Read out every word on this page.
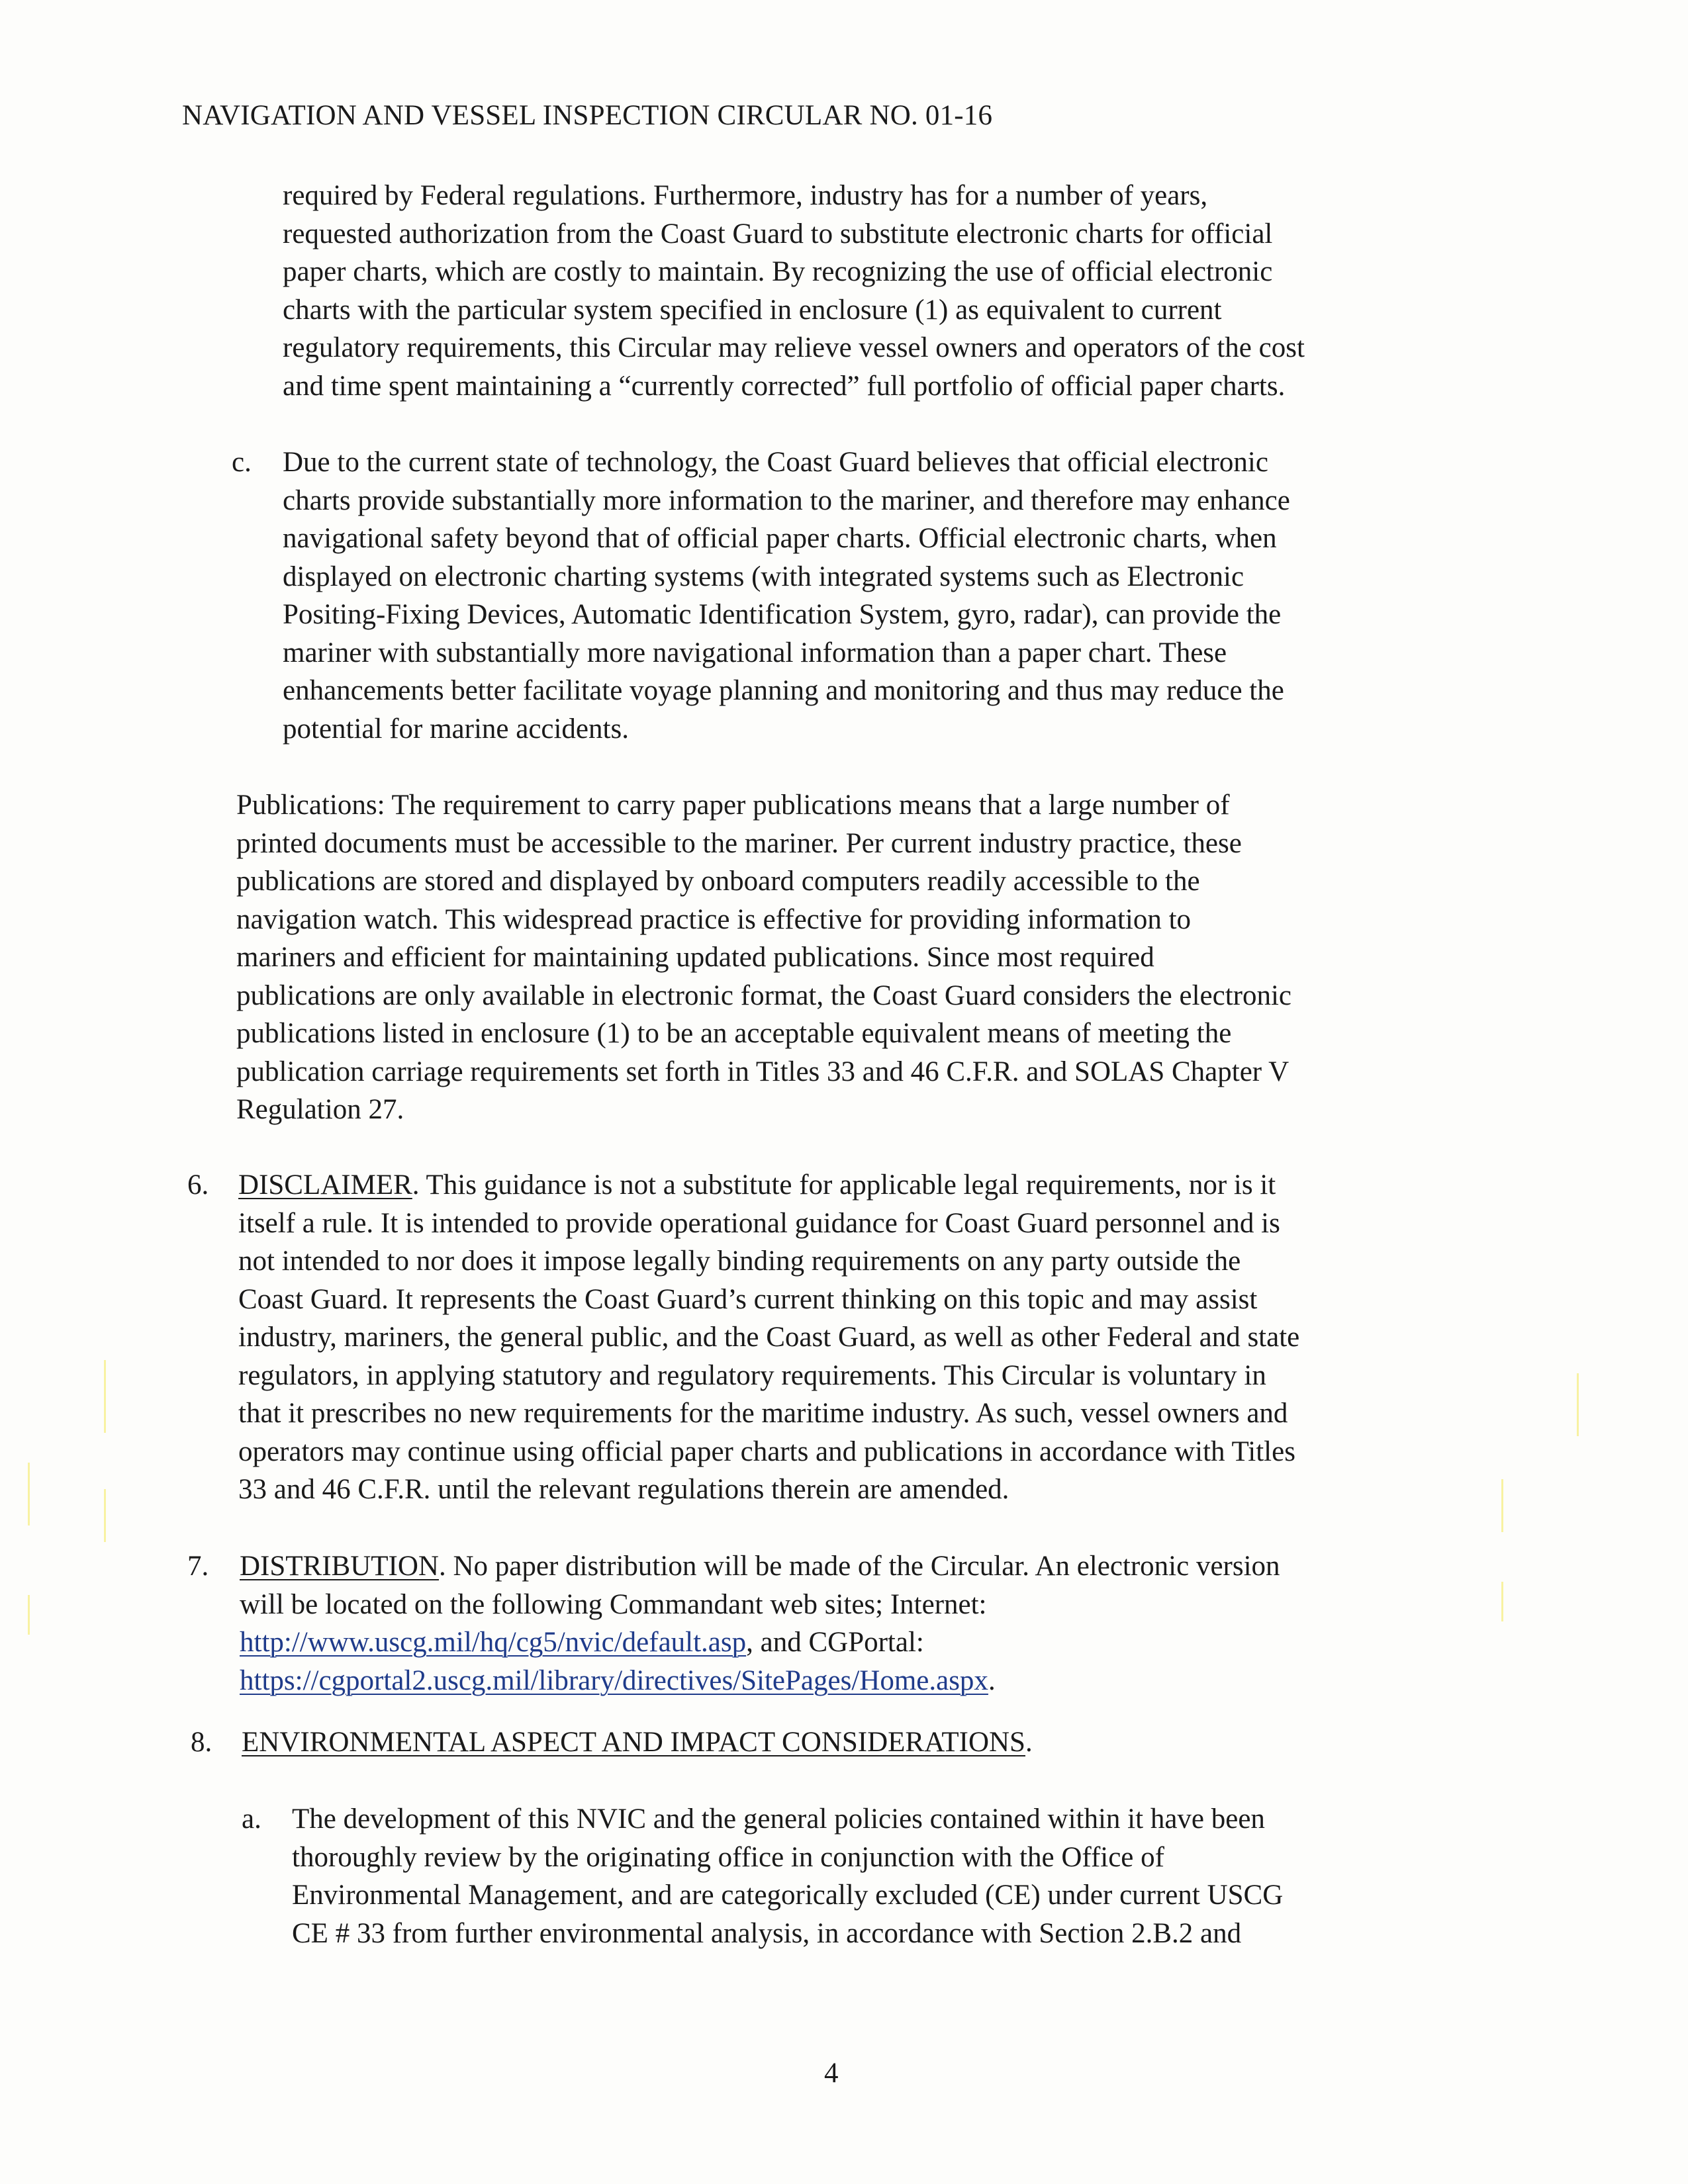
NAVIGATION AND VESSEL INSPECTION CIRCULAR NO. 01-16
required by Federal regulations. Furthermore, industry has for a number of years,
requested authorization from the Coast Guard to substitute electronic charts for official
paper charts, which are costly to maintain. By recognizing the use of official electronic
charts with the particular system specified in enclosure (1) as equivalent to current
regulatory requirements, this Circular may relieve vessel owners and operators of the cost
and time spent maintaining a “currently corrected” full portfolio of official paper charts.
c. Due to the current state of technology, the Coast Guard believes that official electronic
charts provide substantially more information to the mariner, and therefore may enhance
navigational safety beyond that of official paper charts. Official electronic charts, when
displayed on electronic charting systems (with integrated systems such as Electronic
Positing-Fixing Devices, Automatic Identification System, gyro, radar), can provide the
mariner with substantially more navigational information than a paper chart. These
enhancements better facilitate voyage planning and monitoring and thus may reduce the
potential for marine accidents.
Publications: The requirement to carry paper publications means that a large number of
printed documents must be accessible to the mariner. Per current industry practice, these
publications are stored and displayed by onboard computers readily accessible to the
navigation watch. This widespread practice is effective for providing information to
mariners and efficient for maintaining updated publications. Since most required
publications are only available in electronic format, the Coast Guard considers the electronic
publications listed in enclosure (1) to be an acceptable equivalent means of meeting the
publication carriage requirements set forth in Titles 33 and 46 C.F.R. and SOLAS Chapter V
Regulation 27.
6. DISCLAIMER. This guidance is not a substitute for applicable legal requirements, nor is it
itself a rule. It is intended to provide operational guidance for Coast Guard personnel and is
not intended to nor does it impose legally binding requirements on any party outside the
Coast Guard. It represents the Coast Guard’s current thinking on this topic and may assist
industry, mariners, the general public, and the Coast Guard, as well as other Federal and state
regulators, in applying statutory and regulatory requirements. This Circular is voluntary in
that it prescribes no new requirements for the maritime industry. As such, vessel owners and
operators may continue using official paper charts and publications in accordance with Titles
33 and 46 C.F.R. until the relevant regulations therein are amended.
7. DISTRIBUTION. No paper distribution will be made of the Circular. An electronic version
will be located on the following Commandant web sites; Internet:
http://www.uscg.mil/hq/cg5/nvic/default.asp, and CGPortal:
https://cgportal2.uscg.mil/library/directives/SitePages/Home.aspx.
8. ENVIRONMENTAL ASPECT AND IMPACT CONSIDERATIONS.
a. The development of this NVIC and the general policies contained within it have been
thoroughly review by the originating office in conjunction with the Office of
Environmental Management, and are categorically excluded (CE) under current USCG
CE # 33 from further environmental analysis, in accordance with Section 2.B.2 and
4
